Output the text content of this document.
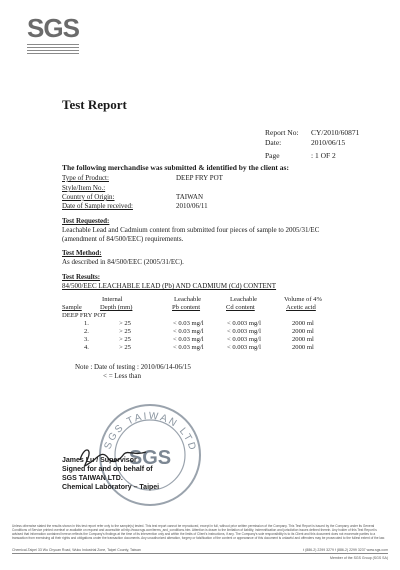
SGS
Test Report
Report No: CY/2010/60871
Date:	2010/06/15
Page	: 1 OF 2
The following merchandise was submitted & identified by the client as:
Type of Product:	DEEP FRY POT
Style/Item No.:
Country of Origin:	TAIWAN
Date of Sample received:	2010/06/11
Test Requested:
Leachable Lead and Cadmium content from submitted four pieces of sample to 2005/31/EC
(amendment of 84/500/EEC) requirements.
Test Method:
As described in 84/500/EEC (2005/31/EC).
Test Results:
84/500/EEC LEACHABLE LEAD (Pb) AND CADMIUM (Cd) CONTENT
Internal	Leachable	Leachable	Volume of 4%
Sample	Depth (mm)	Pb content	Cd content	Acetic acid
DEEP FRY POT
1.	> 25	< 0.03 mg/l	< 0.003 mg/l	2000 ml
2.	> 25	< 0.03 mg/l	< 0.003 mg/l	2000 ml
3.	> 25	< 0.03 mg/l	< 0.003 mg/l	2000 ml
4.	> 25	< 0.03 mg/l	< 0.003 mg/l	2000 ml
Note : Date of testing : 2010/06/14-06/15
< = Less than
SGS TAIWAN LTD
SGS
James Lu / Supervisor
Signed for and on behalf of
SGS TAIWAN LTD.
Chemical Laboratory – Taipei
Unless otherwise stated the results shown in this test report refer only to the sample(s) tested. This test report cannot be reproduced, except in full, without prior written permission of the Company. This Test Report is issued by the Company under its General Conditions of Service printed overleaf or available on request and accessible at http://www.sgs.com/terms_and_conditions.htm. Attention is drawn to the limitation of liability, indemnification and jurisdiction issues defined therein. Any holder of this Test Report is advised that information contained hereon reflects the Company's findings at the time of its intervention only and within the limits of Client's instructions, if any. The Company's sole responsibility is to its Client and this document does not exonerate parties to a transaction from exercising all their rights and obligations under the transaction documents. Any unauthorized alteration, forgery or falsification of the content or appearance of this document is unlawful and offenders may be prosecuted to the fullest extent of the law.
Chemical-Taipei 33 Wu Chyuan Road, Wuku Industrial Zone, Taipei County, Taiwan	t (886-2) 2299 3279 f (886-2) 2299 3237 www.sgs.com
Member of the SGS Group (SGS SA)
